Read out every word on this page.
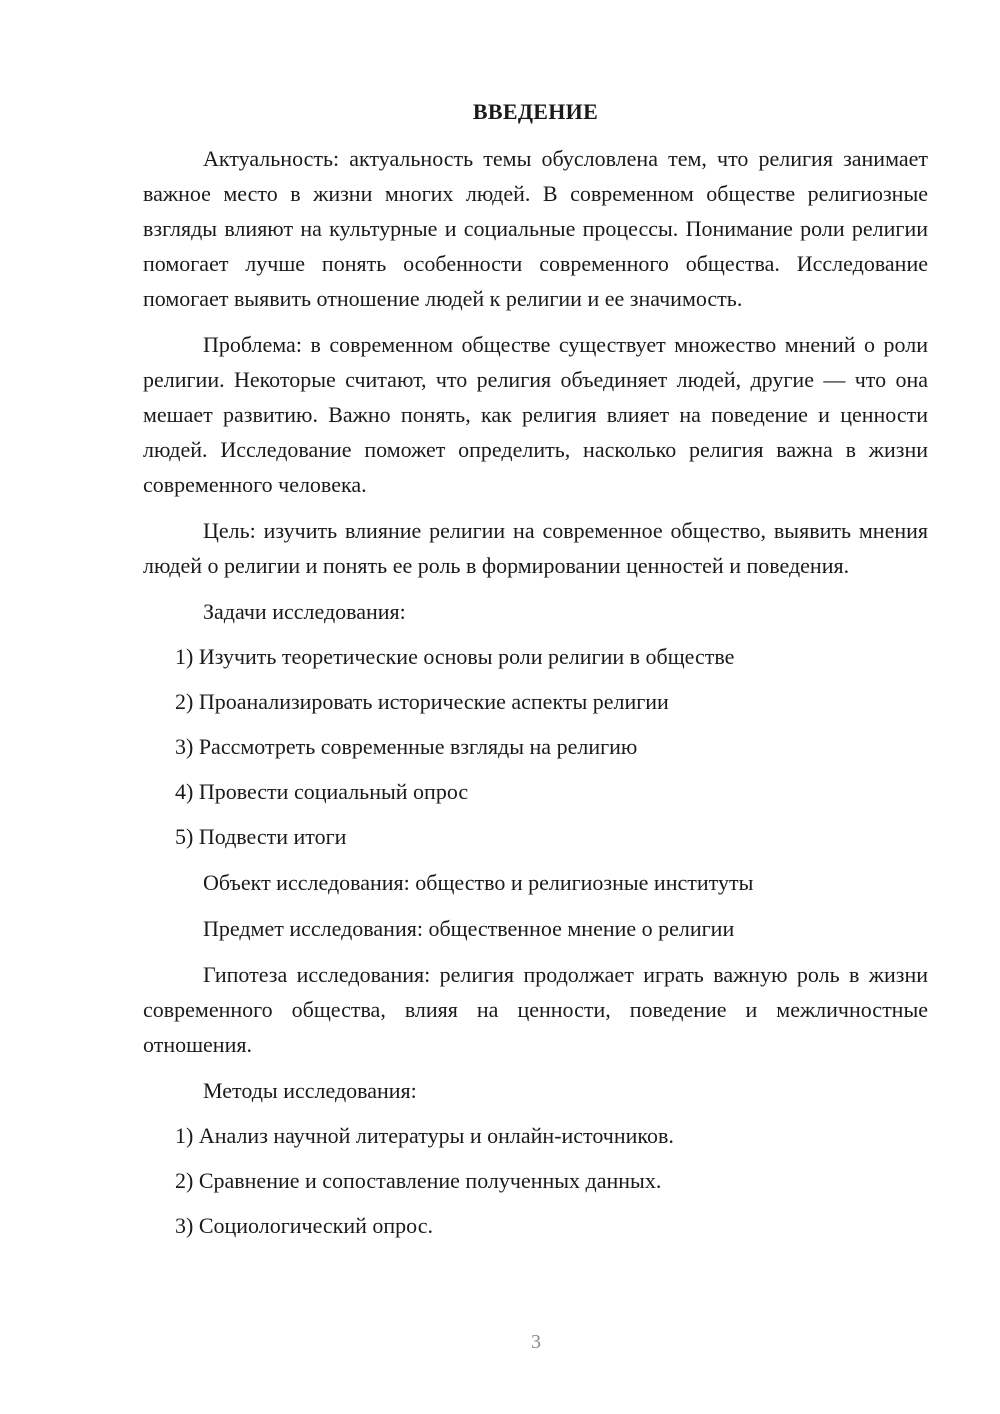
ВВЕДЕНИЕ

Актуальность: актуальность темы обусловлена тем, что религия занимает важное место в жизни многих людей. В современном обществе религиозные взгляды влияют на культурные и социальные процессы. Понимание роли религии помогает лучше понять особенности современного общества. Исследование помогает выявить отношение людей к религии и ее значимость.

Проблема: в современном обществе существует множество мнений о роли религии. Некоторые считают, что религия объединяет людей, другие — что она мешает развитию. Важно понять, как религия влияет на поведение и ценности людей. Исследование поможет определить, насколько религия важна в жизни современного человека.

Цель: изучить влияние религии на современное общество, выявить мнения людей о религии и понять ее роль в формировании ценностей и поведения.

Задачи исследования:

1) Изучить теоретические основы роли религии в обществе
2) Проанализировать исторические аспекты религии
3) Рассмотреть современные взгляды на религию
4) Провести социальный опрос
5) Подвести итоги

Объект исследования: общество и религиозные институты

Предмет исследования: общественное мнение о религии

Гипотеза исследования: религия продолжает играть важную роль в жизни современного общества, влияя на ценности, поведение и межличностные отношения.

Методы исследования:

1) Анализ научной литературы и онлайн-источников.
2) Сравнение и сопоставление полученных данных.
3) Социологический опрос.
3
